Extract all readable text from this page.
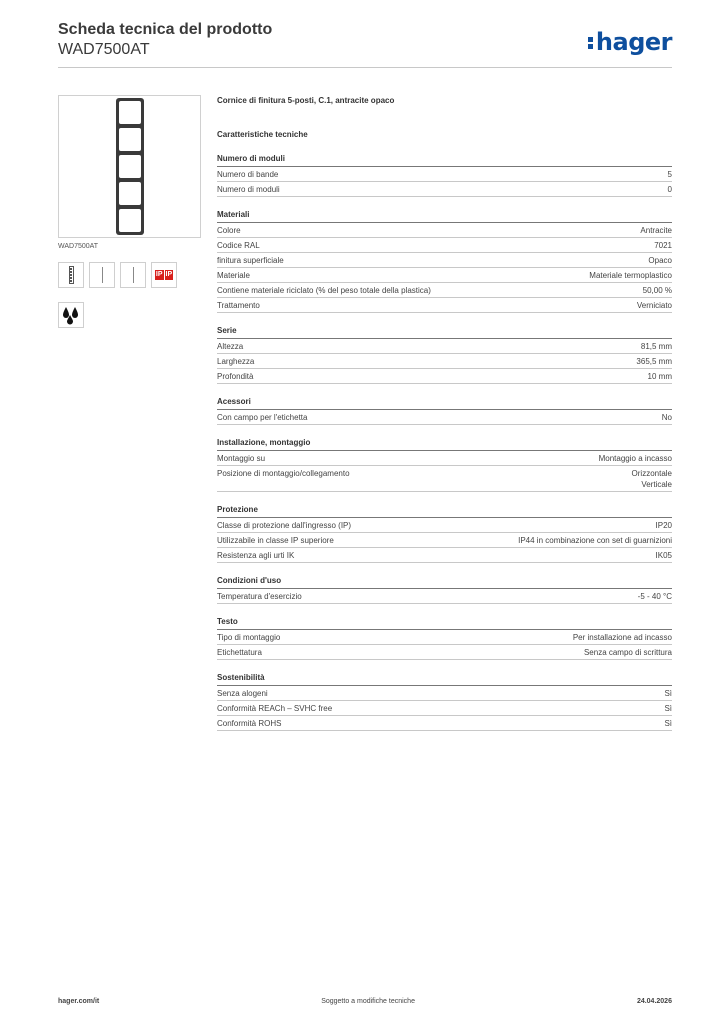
Scheda tecnica del prodotto
WAD7500AT	hager
WAD7500AT
IP IP
Cornice di finitura 5-posti, C.1, antracite opaco
Caratteristiche tecniche
Numero di moduli
Numero di bande	5
Numero di moduli	0
Materiali
Colore	Antracite
Codice RAL	7021
finitura superficiale	Opaco
Materiale	Materiale termoplastico
Contiene materiale riciclato (% del peso totale della plastica)	50,00 %
Trattamento	Verniciato
Serie
Altezza	81,5 mm
Larghezza	365,5 mm
Profondità	10 mm
Acessori
Con campo per l'etichetta	No
Installazione, montaggio
Montaggio su	Montaggio a incasso
Posizione di montaggio/collegamento	Orizzontale
Verticale
Protezione
Classe di protezione dall'ingresso (IP)	IP20
Utilizzabile in classe IP superiore	IP44 in combinazione con set di guarnizioni
Resistenza agli urti IK	IK05
Condizioni d'uso
Temperatura d'esercizio	-5 - 40 °C
Testo
Tipo di montaggio	Per installazione ad incasso
Etichettatura	Senza campo di scrittura
Sostenibilità
Senza alogeni	Sì
Conformità REACh – SVHC free	Sì
Conformità ROHS	Sì
hager.com/it	Soggetto a modifiche tecniche	24.04.2026
